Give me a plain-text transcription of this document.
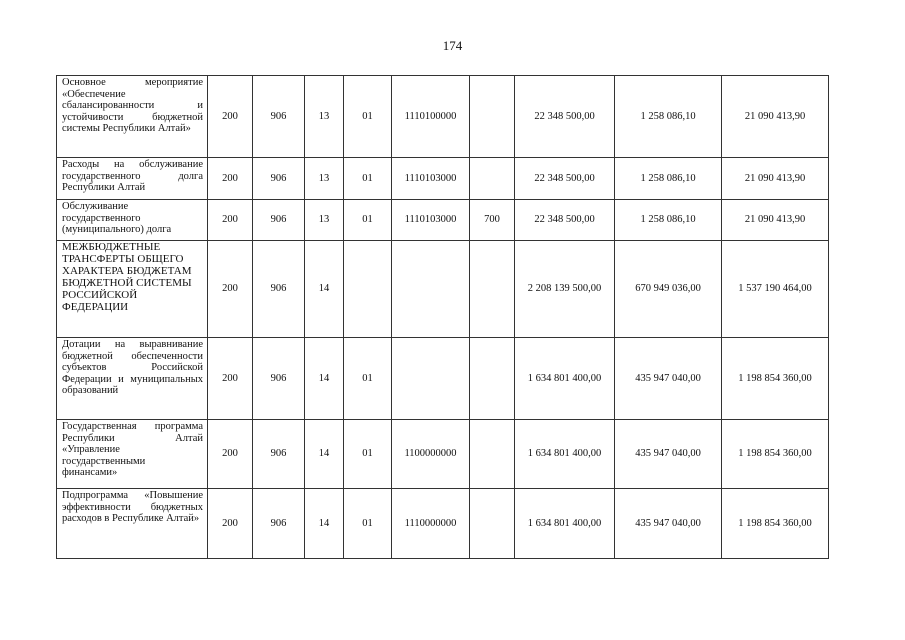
174
Основное мероприятие «Обеспечение сбалансированности и устойчивости бюджетной системы Республики Алтай»	200	906	13	01	1110100000		22 348 500,00	1 258 086,10	21 090 413,90
Расходы на обслуживание государственного долга Республики Алтай	200	906	13	01	1110103000		22 348 500,00	1 258 086,10	21 090 413,90
Обслуживание государственного (муниципального) долга	200	906	13	01	1110103000	700	22 348 500,00	1 258 086,10	21 090 413,90
МЕЖБЮДЖЕТНЫЕ ТРАНСФЕРТЫ ОБЩЕГО ХАРАКТЕРА БЮДЖЕТАМ БЮДЖЕТНОЙ СИСТЕМЫ РОССИЙСКОЙ ФЕДЕРАЦИИ	200	906	14				2 208 139 500,00	670 949 036,00	1 537 190 464,00
Дотации на выравнивание бюджетной обеспеченности субъектов Российской Федерации и муниципальных образований	200	906	14	01			1 634 801 400,00	435 947 040,00	1 198 854 360,00
Государственная программа Республики Алтай «Управление государственными финансами»	200	906	14	01	1100000000		1 634 801 400,00	435 947 040,00	1 198 854 360,00
Подпрограмма «Повышение эффективности бюджетных расходов в Республике Алтай»	200	906	14	01	1110000000		1 634 801 400,00	435 947 040,00	1 198 854 360,00
